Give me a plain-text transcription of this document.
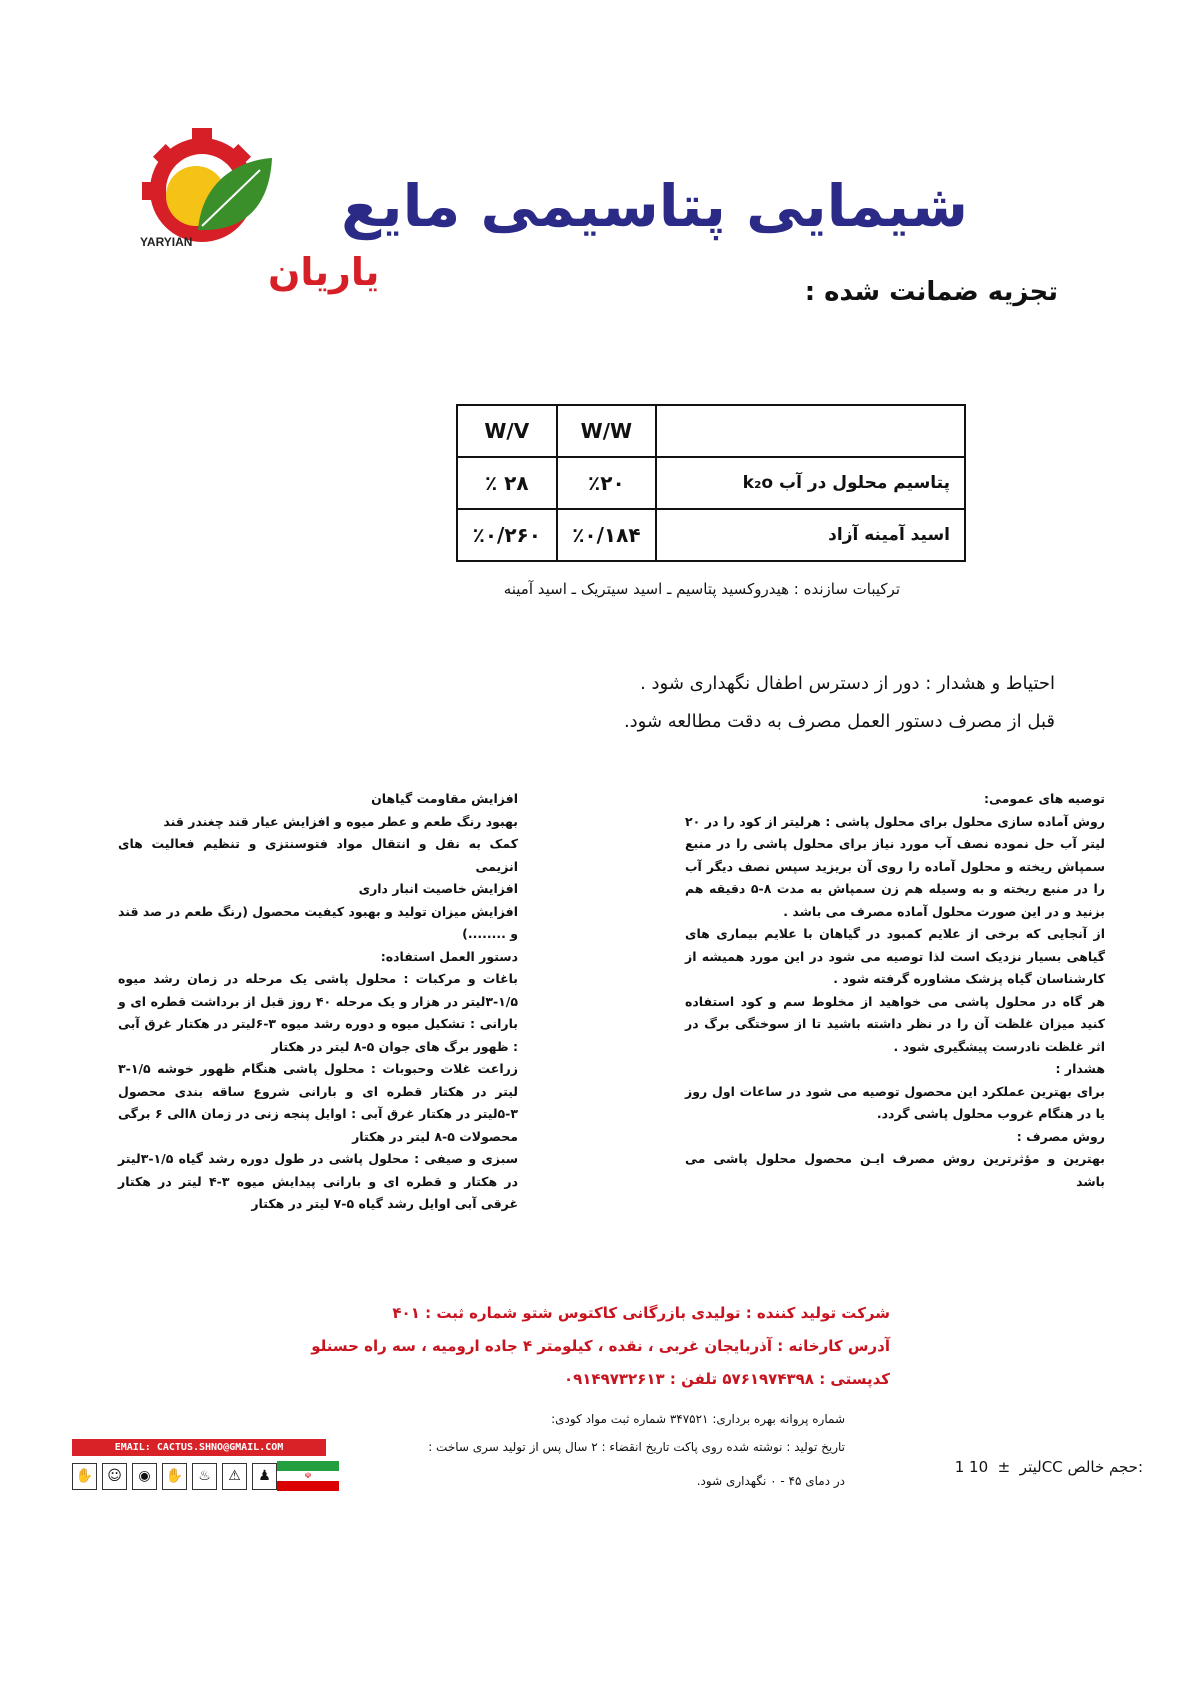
YARYIAN
یاریان
شیمایی پتاسیمی مایع
تجزیه ضمانت شده :
W/V	W/W	
٪ ۲۸	٪۲۰	پتاسیم محلول در آب k₂o
٪۰/۲۶۰	٪۰/۱۸۴	اسید آمینه آزاد
ترکیبات سازنده : هیدروکسید پتاسیم ـ اسید سیتریک ـ اسید آمینه
احتیاط و هشدار : دور از دسترس اطفال نگهداری شود .
قبل از مصرف دستور العمل مصرف به دقت مطالعه شود.
توصیه های عمومی:
روش آماده سازی محلول برای محلول پاشی : هرلیتر از کود را در ۲۰ لیتر آب حل نموده نصف آب مورد نیاز برای محلول پاشی را در منبع سمپاش ریخته و محلول آماده را روی آن بریزید سپس نصف دیگر آب را در منبع ریخته و به وسیله هم زن سمپاش به مدت ۸-۵ دقیقه هم بزنید و در این صورت محلول آماده مصرف می باشد .
از آنجایی که برخی از علایم کمبود در گیاهان با علایم بیماری های گیاهی بسیار نزدیک است لذا توصیه می شود در این مورد همیشه از کارشناسان گیاه پزشک مشاوره گرفته شود .
هر گاه در محلول پاشی می خواهید از مخلوط سم و کود استفاده کنید میزان غلظت آن را در نظر داشته باشید تا از سوختگی برگ در اثر غلظت نادرست پیشگیری شود .
هشدار :
برای بهترین عملکرد این محصول توصیه می شود در ساعات اول روز یا در هنگام غروب محلول پاشی گردد.
روش مصرف :
بهترین و مؤثرترین روش مصرف ایـن محصول محلول پاشی می باشد
افزایش مقاومت گیاهان
بهبود رنگ طعم و عطر میوه و افزایش عیار قند چغندر قند
کمک به نقل و انتقال مواد فتوسنتزی و تنظیم فعالیت های انزیمی
افزایش خاصیت انبار داری
افزایش میزان تولید و بهبود کیفیت محصول (رنگ طعم در صد قند و ........)
دستور العمل استفاده:
باغات و مرکبات : محلول پاشی یک مرحله در زمان رشد میوه ۱/۵-۳لیتر در هزار و یک مرحله ۴۰ روز قبل از برداشت قطره ای و بارانی : تشکیل میوه و دوره رشد میوه ۳-۶لیتر در هکتار غرق آبی : ظهور برگ های جوان ۵-۸ لیتر در هکتار
زراعت غلات وحبوبات : محلول پاشی هنگام ظهور خوشه ۱/۵-۳ لیتر در هکتار قطره ای و بارانی شروع ساقه بندی محصول ۳-۵لیتر در هکتار غرق آبی : اوایل پنجه زنی در زمان ۸الی ۶ برگی محصولات ۵-۸ لیتر در هکتار
سبزی و صیفی : محلول پاشی در طول دوره رشد گیاه ۱/۵-۳لیتر در هکتار و قطره ای و بارانی پیدایش میوه ۳-۴ لیتر در هکتار غرقی آبی اوایل رشد گیاه ۵-۷ لیتر در هکتار
شرکت تولید کننده : تولیدی بازرگانی کاکتوس شتو شماره ثبت : ۴۰۱
آدرس کارخانه : آذربایجان غربی ، نقده ، کیلومتر ۴ جاده ارومیه ، سه راه حسنلو
کدپستی : ۵۷۶۱۹۷۴۳۹۸ تلفن : ۰۹۱۴۹۷۳۲۶۱۳
شماره پروانه بهره برداری: ۳۴۷۵۲۱ شماره ثبت مواد کودی:
تاریخ تولید : نوشته شده روی پاکت تاریخ انقضاء : ۲ سال پس از تولید سری ساخت :
در دمای ۴۵ - ۰ نگهداری شود.
1 لیتر  ±  10CC حجم خالص:
EMAIL: CACTUS.SHNO@GMAIL.COM
✋ ☺	◉	✋	♨	⚠	♟	☫
